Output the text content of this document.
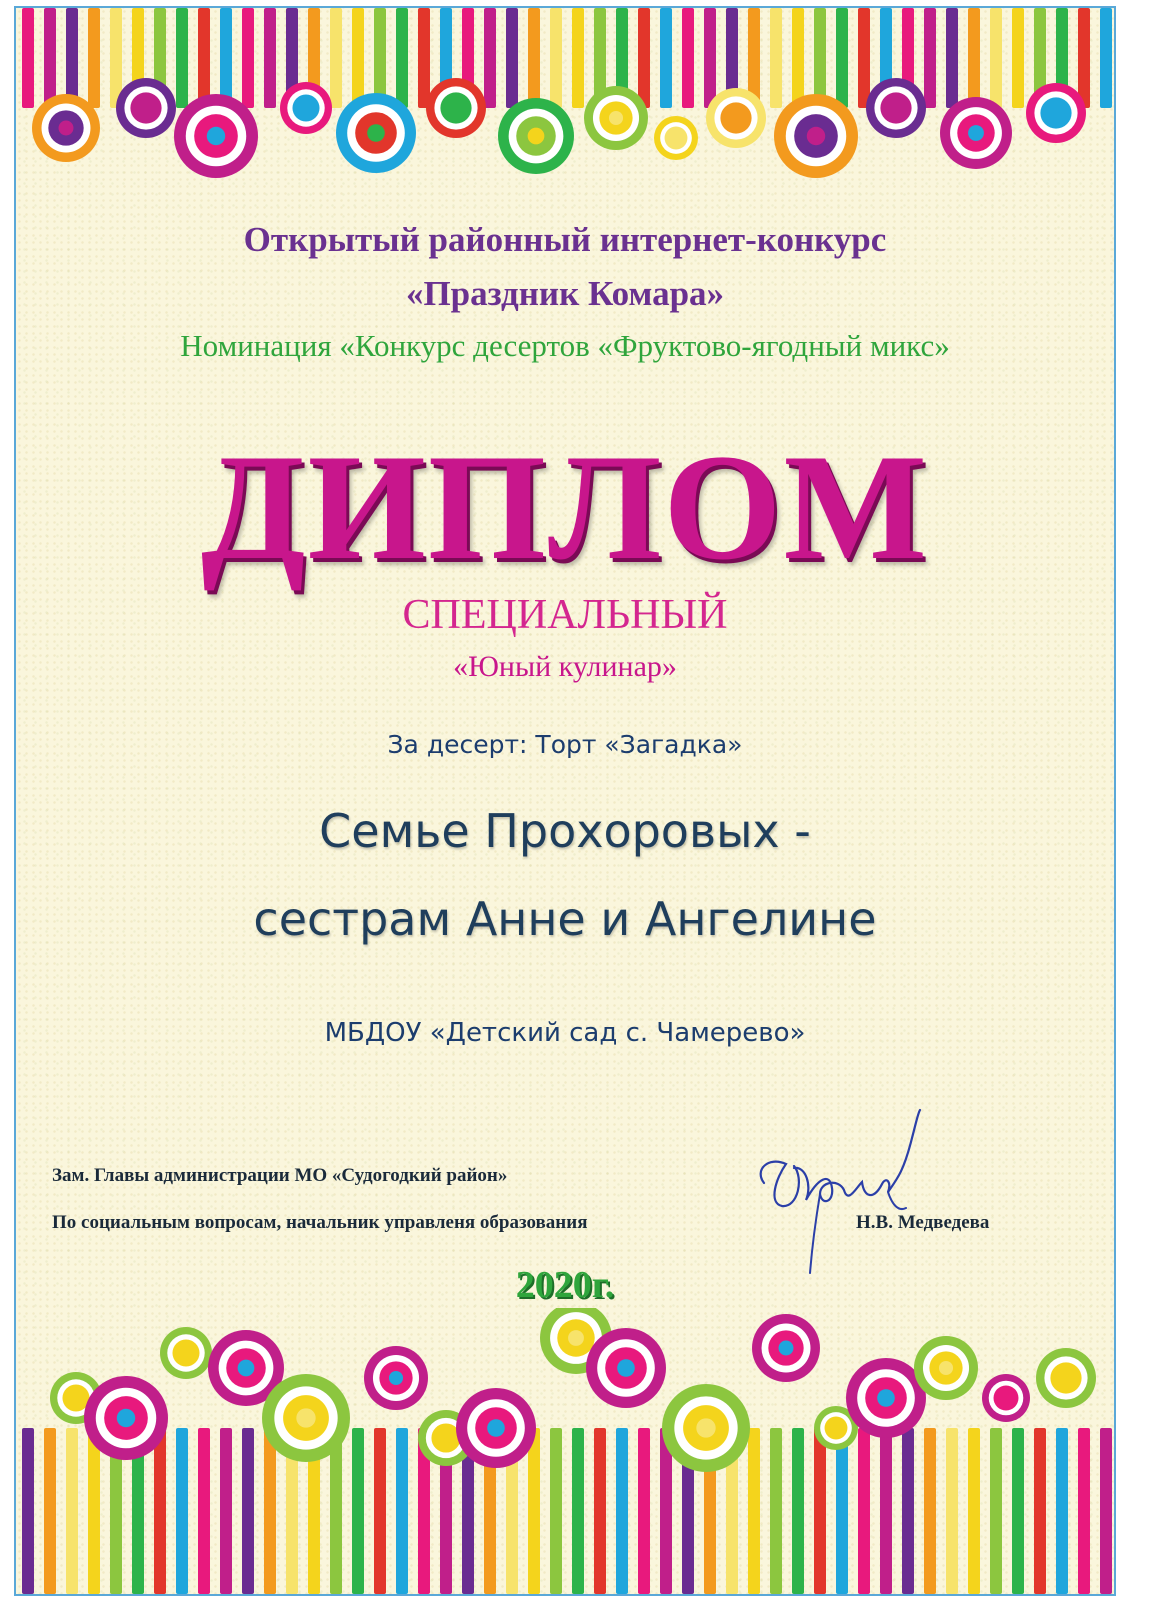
Открытый районный интернет-конкурс
«Праздник Комара»
Номинация «Конкурс десертов «Фруктово-ягодный микс»
ДИПЛОМ
СПЕЦИАЛЬНЫЙ
«Юный кулинар»
За десерт: Торт «Загадка»
Семье Прохоровых -
сестрам Анне и Ангелине
МБДОУ «Детский сад с. Чамерево»
Зам. Главы администрации МО «Судогодкий район»
По социальным вопросам, начальник управленя образования	Н.В. Медведева
2020г.
